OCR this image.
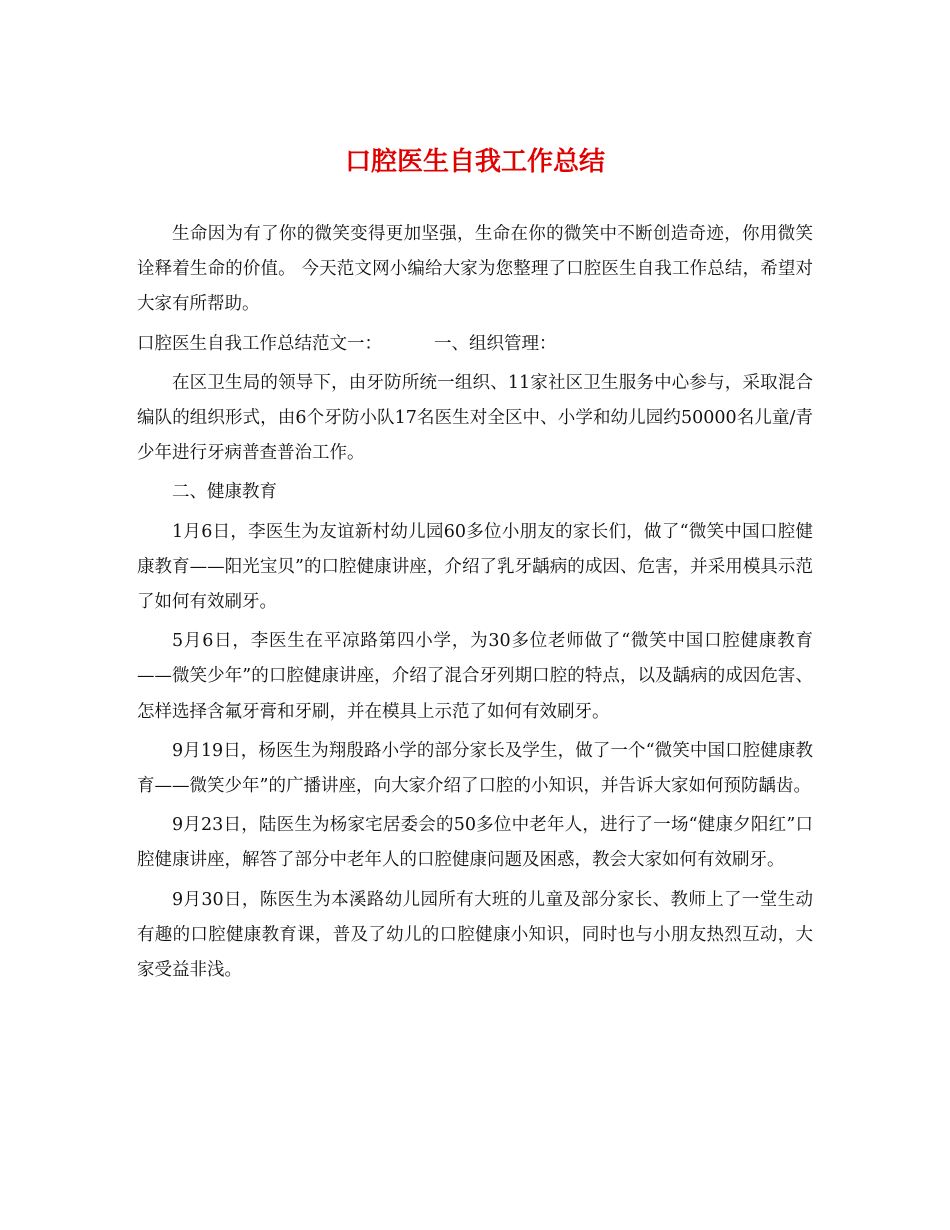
口腔医生自我工作总结

生命因为有了你的微笑变得更加坚强，生命在你的微笑中不断创造奇迹，你用微笑诠释着生命的价值。 今天范文网小编给大家为您整理了口腔医生自我工作总结，希望对大家有所帮助。

口腔医生自我工作总结范文一：	一、组织管理：

在区卫生局的领导下，由牙防所统一组织、11家社区卫生服务中心参与，采取混合编队的组织形式，由6个牙防小队17名医生对全区中、小学和幼儿园约50000名儿童/青少年进行牙病普查普治工作。

二、健康教育

1月6日，李医生为友谊新村幼儿园60多位小朋友的家长们，做了“微笑中国口腔健康教育——阳光宝贝”的口腔健康讲座，介绍了乳牙龋病的成因、危害，并采用模具示范了如何有效刷牙。

5月6日，李医生在平凉路第四小学，为30多位老师做了“微笑中国口腔健康教育——微笑少年”的口腔健康讲座，介绍了混合牙列期口腔的特点，以及龋病的成因危害、怎样选择含氟牙膏和牙刷，并在模具上示范了如何有效刷牙。

9月19日，杨医生为翔殷路小学的部分家长及学生，做了一个“微笑中国口腔健康教育——微笑少年”的广播讲座，向大家介绍了口腔的小知识，并告诉大家如何预防龋齿。

9月23日，陆医生为杨家宅居委会的50多位中老年人，进行了一场“健康夕阳红”口腔健康讲座，解答了部分中老年人的口腔健康问题及困惑，教会大家如何有效刷牙。

9月30日，陈医生为本溪路幼儿园所有大班的儿童及部分家长、教师上了一堂生动有趣的口腔健康教育课，普及了幼儿的口腔健康小知识，同时也与小朋友热烈互动，大家受益非浅。
